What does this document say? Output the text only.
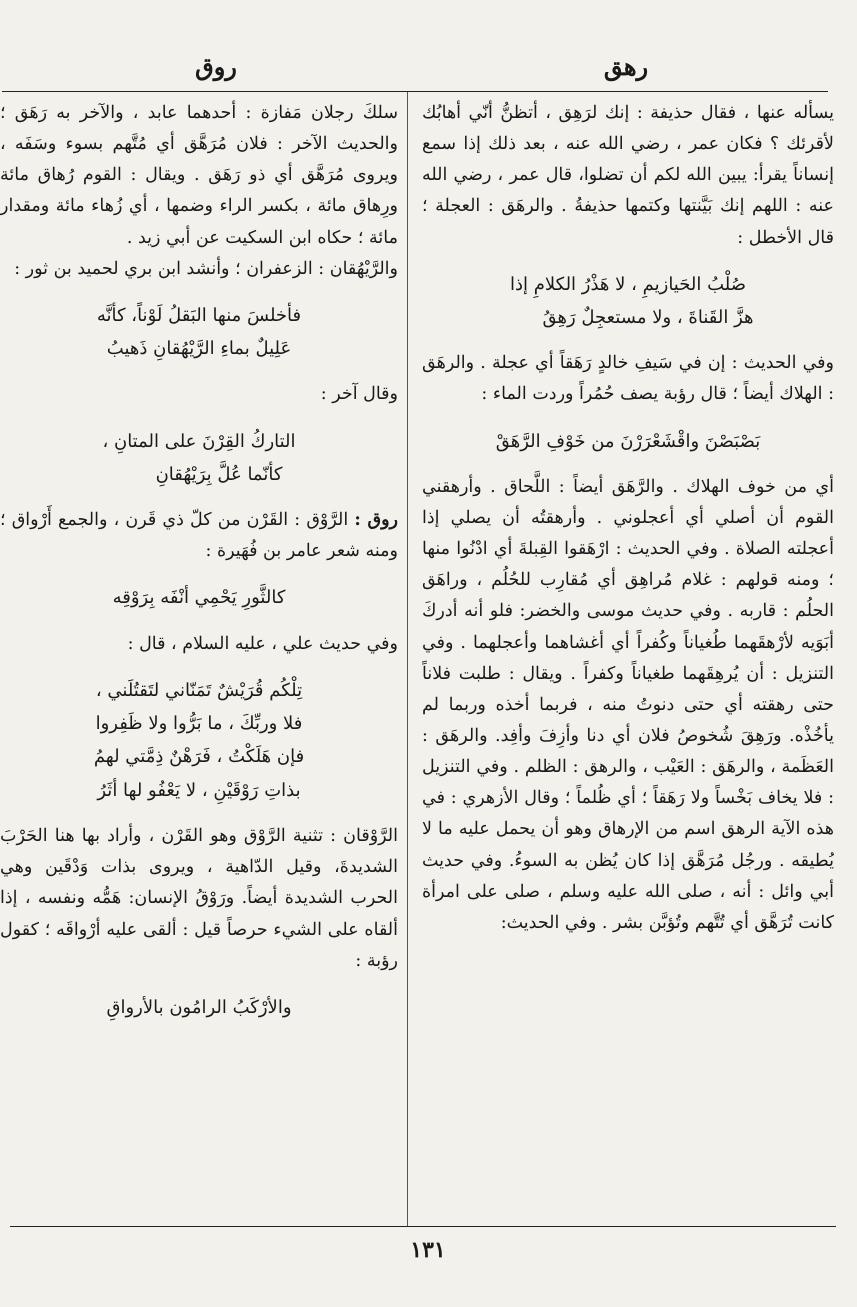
رهق
روق

يسأله عنها ، فقال حذيفة : إنك لرَهِق ، أتظنُّ أنّي أهابُك لأقرئك ؟ فكان عمر ، رضي الله عنه ، بعد ذلك إذا سمع إنساناً يقرأ: يبين الله لكم أن تضلوا، قال عمر ، رضي الله عنه : اللهم إنك بَيَّنتها وكتمها حذيفةُ . والرهَق : العجلة ؛ قال الأخطل :

صُلْبُ الحَيازيمِ ، لا هَذْرُ الكلامِ إذا
هزَّ القَناةَ ، ولا مستعجِلٌ رَهِقُ

وفي الحديث : إن في سَيفِ خالدٍ رَهَقاً أي عجلة . والرهَق : الهلاك أيضاً ؛ قال رؤبة يصف حُمُراً وردت الماء :

بَصْبَصْنَ واقْشَعْرَرْنَ من خَوْفِ الرَّهَقْ

أي من خوف الهلاك . والرَّهَق أيضاً : اللَّحاق . وأرهقني القوم أن أصلي أي أعجلوني . وأرهقتُه أن يصلي إذا أعجلته الصلاة . وفي الحديث : ارْهَقوا القِبلةَ أي ادْنُوا منها ؛ ومنه قولهم : غلام مُراهِق أي مُقارِب للحُلُم ، وراهَق الحلُم : قاربه . وفي حديث موسى والخضر: فلو أنه أدركَ أبَوَيه لأرْهقَهما طُغياناً وكُفراً أي أغشاهما وأعجلهما . وفي التنزيل : أن يُرهِقَهما طغياناً وكفراً . ويقال : طلبت فلاناً حتى رهقته أي حتى دنوتُ منه ، فربما أخذه وربما لم يأخُذْه. ورَهِقَ شُخوصُ فلان أي دنا وأزِفَ وأفِد. والرهَق : العَظَمة ، والرهَق : العَيْب ، والرهق : الظلم . وفي التنزيل : فلا يخاف بَخْساً ولا رَهَقاً ؛ أي ظُلماً ؛ وقال الأزهري : في هذه الآية الرهق اسم من الإرهاق وهو أن يحمل عليه ما لا يُطيقه . ورجُل مُرَهَّق إذا كان يُظن به السوءُ. وفي حديث أبي وائل : أنه ، صلى الله عليه وسلم ، صلى على امرأة كانت تُرَهَّق أي تُتَّهم وتُؤبَّن بشر . وفي الحديث:

سلكَ رجلان مَفازة : أحدهما عابد ، والآخر به رَهَق ؛ والحديث الآخر : فلان مُرَهَّق أي مُتَّهم بسوء وسَفَه ، ويروى مُرَهَّق أي ذو رَهَق . ويقال : القوم رُهاق مائة ورِهاق مائة ، بكسر الراء وضمها ، أي زُهاء مائة ومقدار مائة ؛ حكاه ابن السكيت عن أبي زيد .

والرَّيْهُقان : الزعفران ؛ وأنشد ابن بري لحميد بن ثور :

فأخلسَ منها البَقلُ لَوْناً، كأنَّه
عَلِيلٌ بماءِ الرَّيْهُقانِ ذَهيبُ

وقال آخر :

التاركُ القِرْنَ على المتانِ ،
كأنّما عُلَّ بِرَيْهُقانِ

روق : الرَّوْق : القَرْن من كلّ ذي قَرن ، والجمع أَرْواق ؛ ومنه شعر عامر بن فُهَيرة :

كالثَّورِ يَحْمِي أنْفَه بِرَوْقِه

وفي حديث علي ، عليه السلام ، قال :

تِلْكُم قُرَيْشٌ تَمَنّاني لتَقتُلَني ،
فلا وربِّكَ ، ما بَرُّوا ولا ظَفِروا
فإن هَلَكْتُ ، فَرَهْنٌ ذِمَّتي لهمُ
بذاتِ رَوْقَيْنِ ، لا يَعْفُو لها أثَرُ

الرَّوْقان : تثنية الرَّوْق وهو القَرْن ، وأراد بها هنا الحَرْبَ الشديدةَ، وقيل الدّاهية ، ويروى بذات وَدْقَين وهي الحرب الشديدة أيضاً. ورَوْقُ الإنسان: هَمُّه ونفسه ، إذا ألقاه على الشيء حرصاً قيل : ألقى عليه أرْواقَه ؛ كقول رؤبة :

والأرْكَبُ الرامُون بالأرواقِ
١٣١
